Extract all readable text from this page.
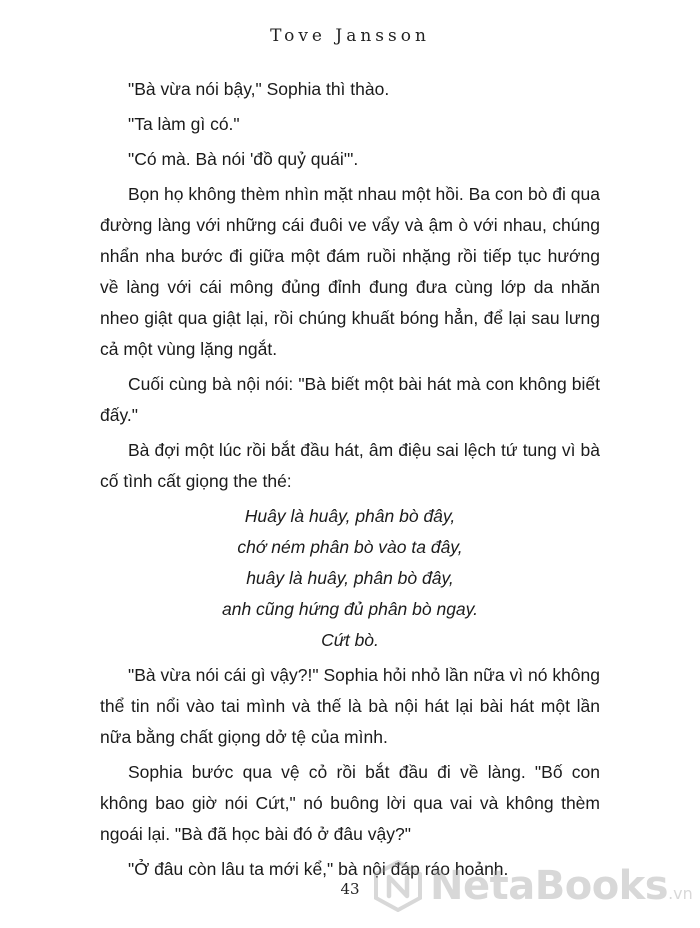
Tove Jansson

"Bà vừa nói bậy," Sophia thì thào.

"Ta làm gì có."

"Có mà. Bà nói 'đồ quỷ quái'".

Bọn họ không thèm nhìn mặt nhau một hồi. Ba con bò đi qua đường làng với những cái đuôi ve vẩy và ậm ò với nhau, chúng nhẩn nha bước đi giữa một đám ruồi nhặng rồi tiếp tục hướng về làng với cái mông đủng đỉnh đung đưa cùng lớp da nhăn nheo giật qua giật lại, rồi chúng khuất bóng hẳn, để lại sau lưng cả một vùng lặng ngắt.

Cuối cùng bà nội nói: "Bà biết một bài hát mà con không biết đấy."

Bà đợi một lúc rồi bắt đầu hát, âm điệu sai lệch tứ tung vì bà cố tình cất giọng the thé:

Huây là huây, phân bò đây,
chớ ném phân bò vào ta đây,
huây là huây, phân bò đây,
anh cũng hứng đủ phân bò ngay.
Cứt bò.

"Bà vừa nói cái gì vậy?!" Sophia hỏi nhỏ lần nữa vì nó không thể tin nổi vào tai mình và thế là bà nội hát lại bài hát một lần nữa bằng chất giọng dở tệ của mình.

Sophia bước qua vệ cỏ rồi bắt đầu đi về làng. "Bố con không bao giờ nói Cứt," nó buông lời qua vai và không thèm ngoái lại. "Bà đã học bài đó ở đâu vậy?"

"Ở đâu còn lâu ta mới kể," bà nội đáp ráo hoảnh.

43	NetaBooks.vn
